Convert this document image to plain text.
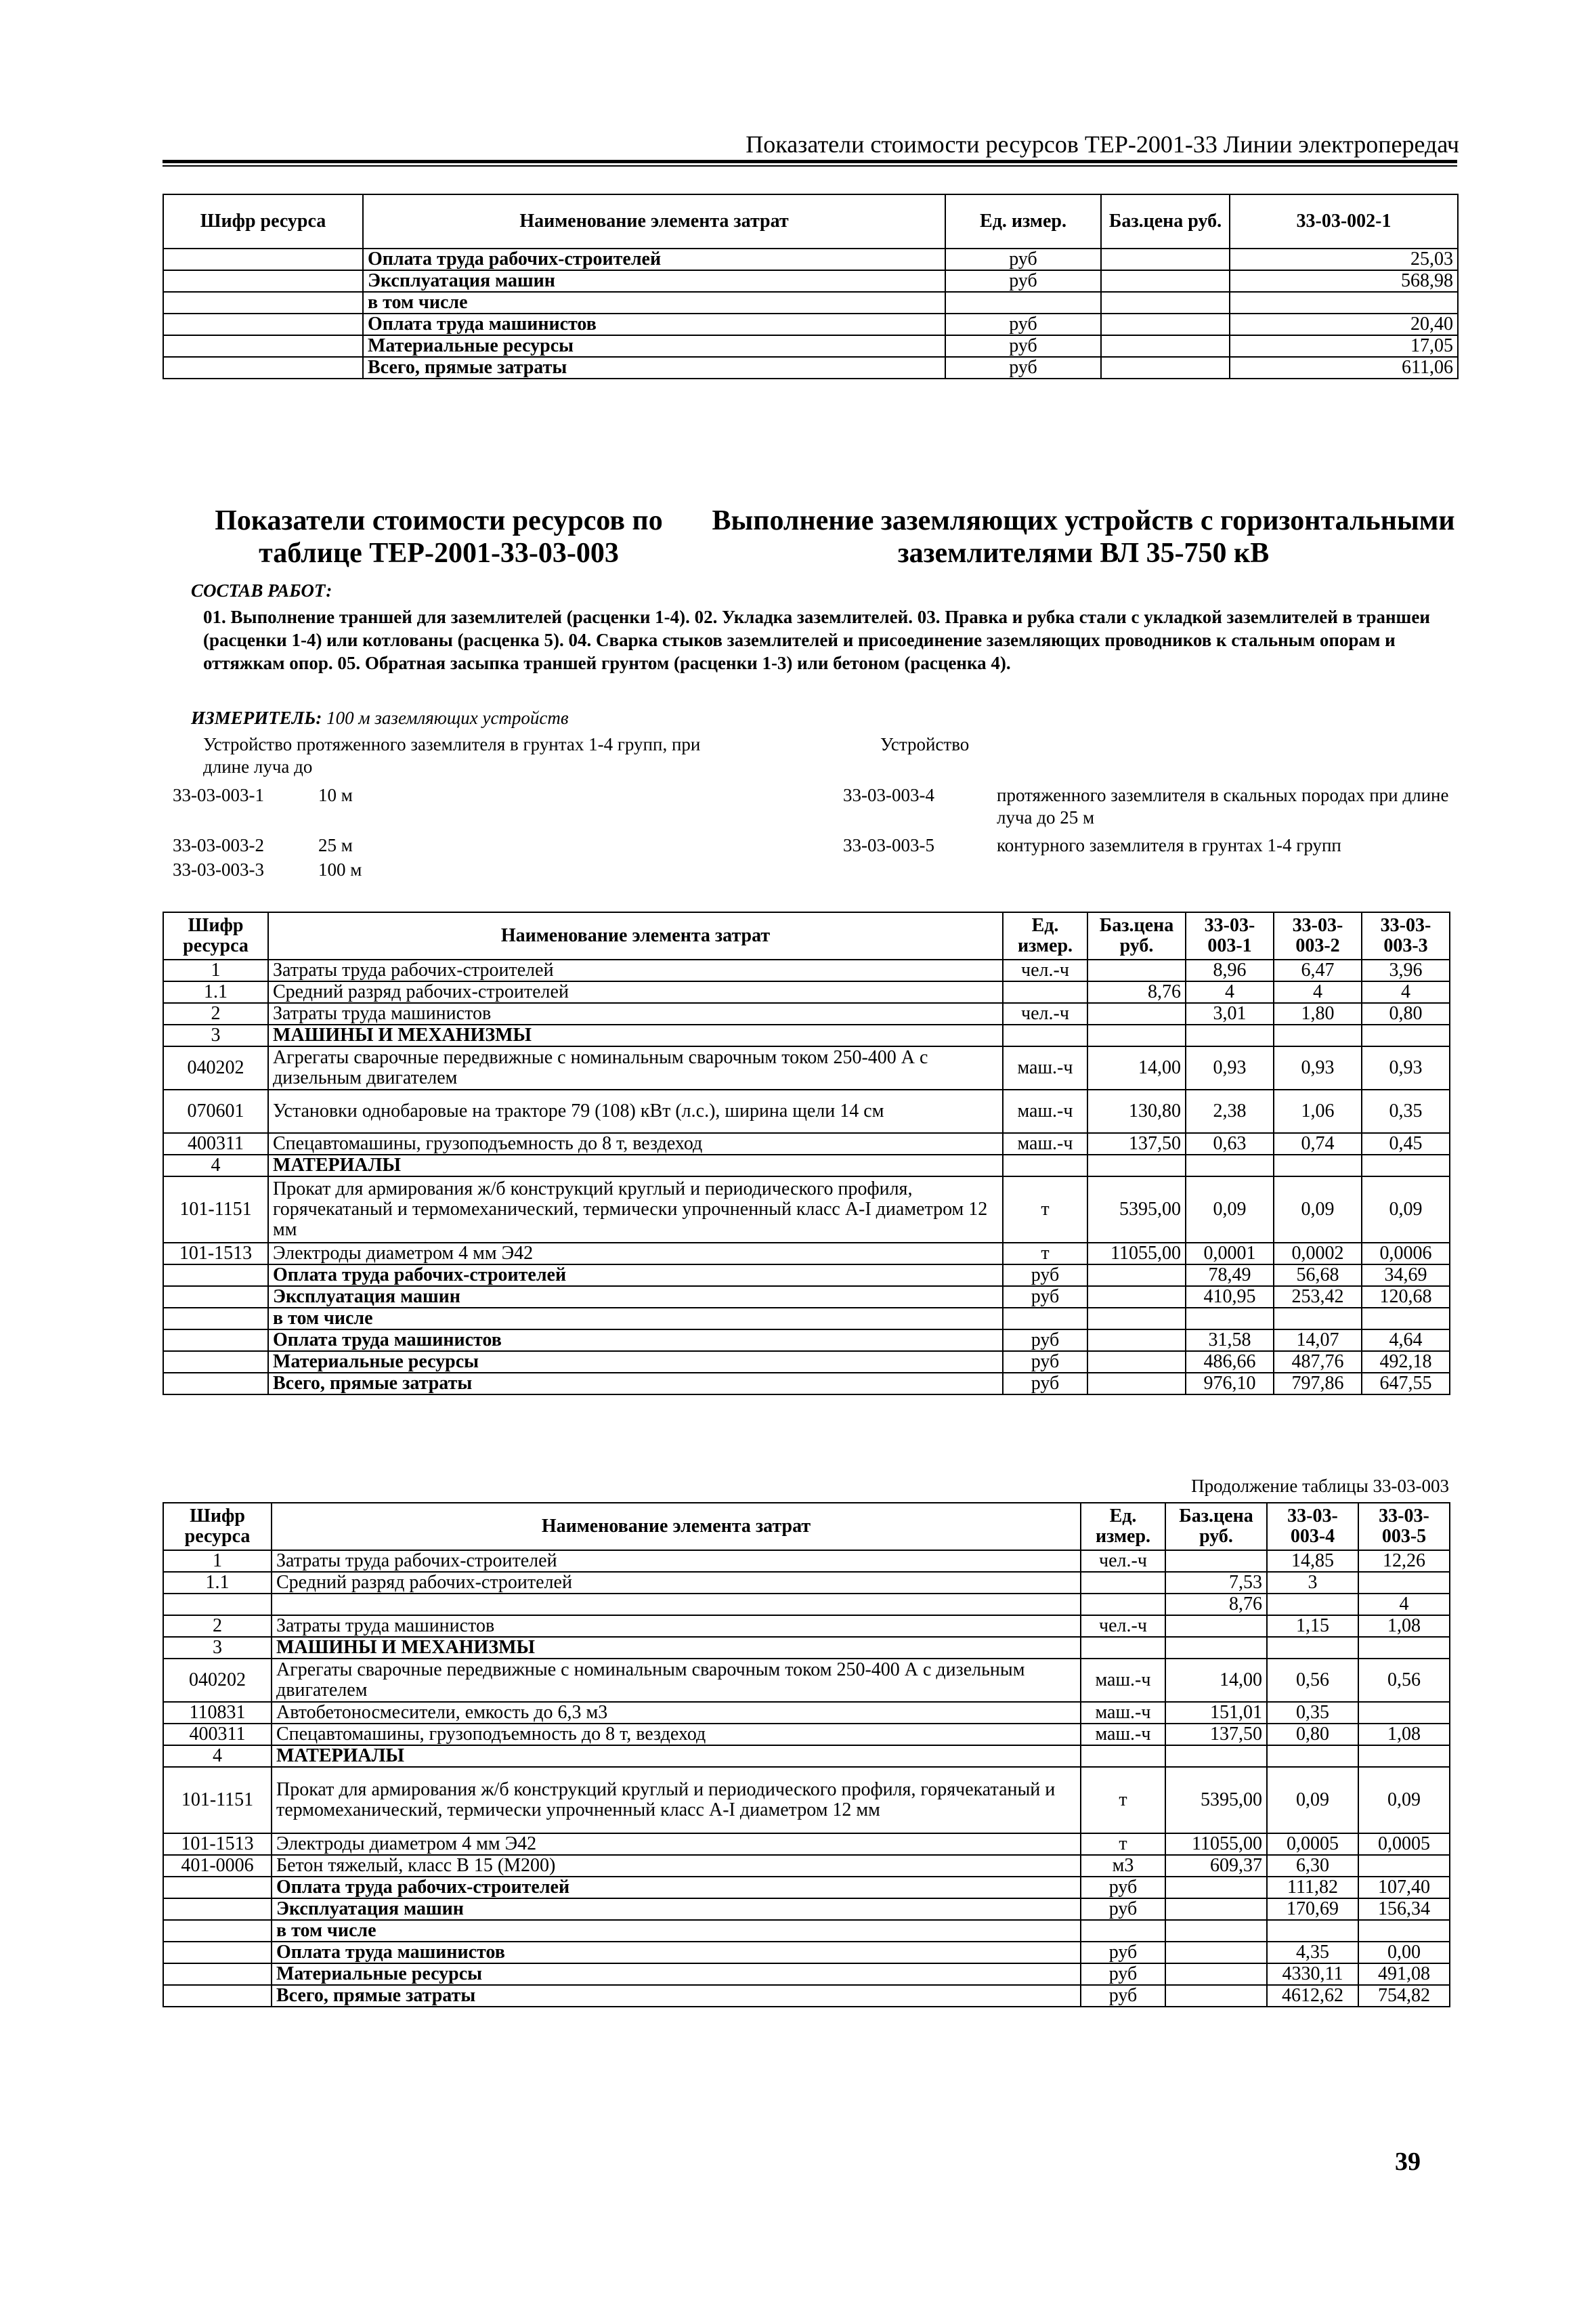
Показатели стоимости ресурсов ТЕР-2001-33 Линии электропередач
Шифр ресурса	Наименование элемента затрат	Ед. измер.	Баз.цена руб.	33-03-002-1
	Оплата труда рабочих-строителей	руб		25,03
	Эксплуатация машин	руб		568,98
	в том числе			
	Оплата труда машинистов	руб		20,40
	Материальные ресурсы	руб		17,05
	Всего, прямые затраты	руб		611,06
Показатели стоимости ресурсов по таблице ТЕР-2001-33-03-003
Выполнение заземляющих устройств с горизонтальными заземлителями ВЛ 35-750 кВ
СОСТАВ РАБОТ:
01. Выполнение траншей для заземлителей (расценки 1-4). 02. Укладка заземлителей. 03. Правка и рубка стали с укладкой заземлителей в траншеи (расценки 1-4) или котлованы (расценка 5). 04. Сварка стыков заземлителей и присоединение заземляющих проводников к стальным опорам и оттяжкам опор. 05. Обратная засыпка траншей грунтом (расценки 1-3) или бетоном (расценка 4).
ИЗМЕРИТЕЛЬ: 100 м заземляющих устройств
Устройство протяженного заземлителя в грунтах 1-4 групп, при длине луча до
Устройство
33-03-003-1	10 м
33-03-003-2	25 м
33-03-003-3	100 м
33-03-003-4	протяженного заземлителя в скальных породах при длине луча до 25 м
33-03-003-5	контурного заземлителя в грунтах 1-4 групп
Шифр ресурса	Наименование элемента затрат	Ед. измер.	Баз.цена руб.	33-03-003-1	33-03-003-2	33-03-003-3
1	Затраты труда рабочих-строителей	чел.-ч		8,96	6,47	3,96
1.1	Средний разряд рабочих-строителей		8,76	4	4	4
2	Затраты труда машинистов	чел.-ч		3,01	1,80	0,80
3	МАШИНЫ И МЕХАНИЗМЫ					
040202	Агрегаты сварочные передвижные с номинальным сварочным током 250-400 А с дизельным двигателем	маш.-ч	14,00	0,93	0,93	0,93
070601	Установки однобаровые на тракторе 79 (108) кВт (л.с.), ширина щели 14 см	маш.-ч	130,80	2,38	1,06	0,35
400311	Спецавтомашины, грузоподъемность до 8 т, вездеход	маш.-ч	137,50	0,63	0,74	0,45
4	МАТЕРИАЛЫ					
101-1151	Прокат для армирования ж/б конструкций круглый и периодического профиля, горячекатаный и термомеханический, термически упрочненный класс А-I диаметром 12 мм	т	5395,00	0,09	0,09	0,09
101-1513	Электроды диаметром 4 мм Э42	т	11055,00	0,0001	0,0002	0,0006
	Оплата труда рабочих-строителей	руб		78,49	56,68	34,69
	Эксплуатация машин	руб		410,95	253,42	120,68
	в том числе					
	Оплата труда машинистов	руб		31,58	14,07	4,64
	Материальные ресурсы	руб		486,66	487,76	492,18
	Всего, прямые затраты	руб		976,10	797,86	647,55
Продолжение таблицы 33-03-003
Шифр ресурса	Наименование элемента затрат	Ед. измер.	Баз.цена руб.	33-03-003-4	33-03-003-5
1	Затраты труда рабочих-строителей	чел.-ч		14,85	12,26
1.1	Средний разряд рабочих-строителей		7,53	3	
			8,76		4
2	Затраты труда машинистов	чел.-ч		1,15	1,08
3	МАШИНЫ И МЕХАНИЗМЫ				
040202	Агрегаты сварочные передвижные с номинальным сварочным током 250-400 А с дизельным двигателем	маш.-ч	14,00	0,56	0,56
110831	Автобетоносмесители, емкость до 6,3 м3	маш.-ч	151,01	0,35	
400311	Спецавтомашины, грузоподъемность до 8 т, вездеход	маш.-ч	137,50	0,80	1,08
4	МАТЕРИАЛЫ				
101-1151	Прокат для армирования ж/б конструкций круглый и периодического профиля, горячекатаный и термомеханический, термически упрочненный класс А-I диаметром 12 мм	т	5395,00	0,09	0,09
101-1513	Электроды диаметром 4 мм Э42	т	11055,00	0,0005	0,0005
401-0006	Бетон тяжелый, класс В 15 (М200)	м3	609,37	6,30	
	Оплата труда рабочих-строителей	руб		111,82	107,40
	Эксплуатация машин	руб		170,69	156,34
	в том числе				
	Оплата труда машинистов	руб		4,35	0,00
	Материальные ресурсы	руб		4330,11	491,08
	Всего, прямые затраты	руб		4612,62	754,82
39
